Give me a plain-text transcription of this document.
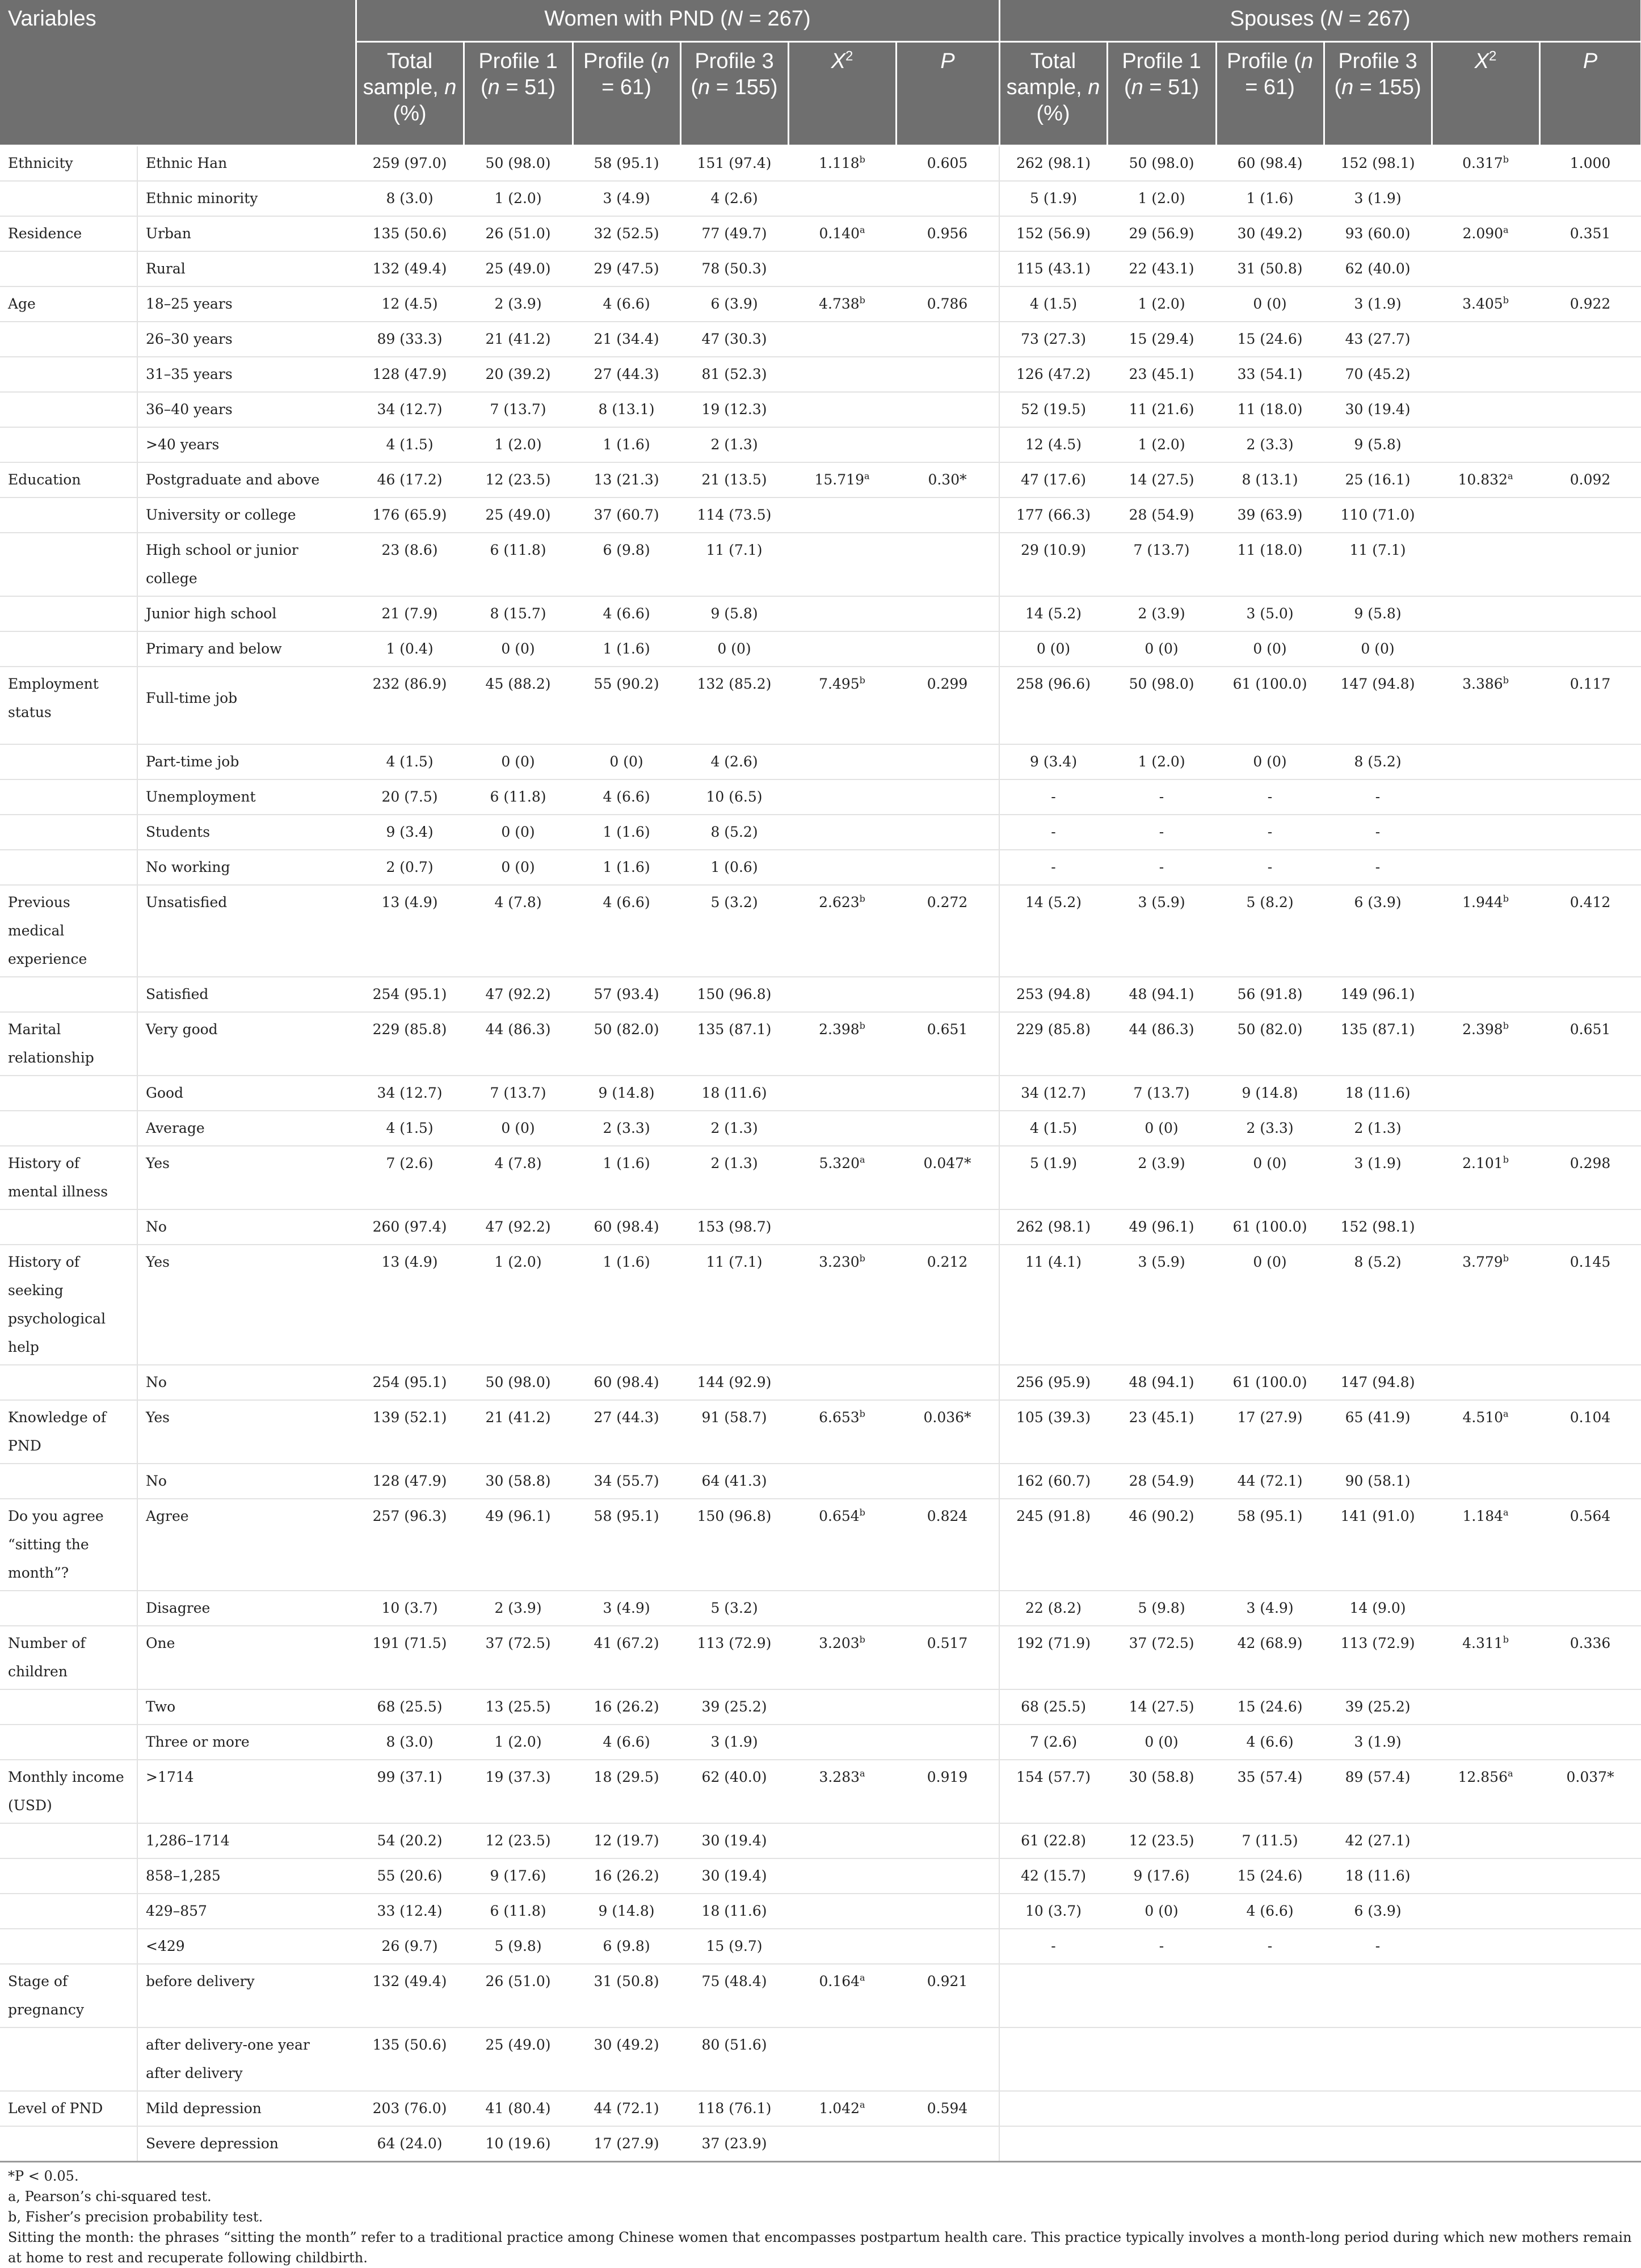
Variables		Women with PND (N = 267)						Spouses (N = 267)					
		Total sample, n (%)	Profile 1 (n = 51)	Profile (n = 61)	Profile 3 (n = 155)	$X^2$	P	Total sample, n (%)	Profile 1 (n = 51)	Profile (n = 61)	Profile 3 (n = 155)	$X^2$	P
Ethnicity	Ethnic Han	259 (97.0)	50 (98.0)	58 (95.1)	151 (97.4)	1.118$^b$	0.605	262 (98.1)	50 (98.0)	60 (98.4)	152 (98.1)	0.317$^b$	1.000
	Ethnic minority	8 (3.0)	1 (2.0)	3 (4.9)	4 (2.6)			5 (1.9)	1 (2.0)	1 (1.6)	3 (1.9)		
Residence	Urban	135 (50.6)	26 (51.0)	32 (52.5)	77 (49.7)	0.140$^a$	0.956	152 (56.9)	29 (56.9)	30 (49.2)	93 (60.0)	2.090$^a$	0.351
	Rural	132 (49.4)	25 (49.0)	29 (47.5)	78 (50.3)			115 (43.1)	22 (43.1)	31 (50.8)	62 (40.0)		
Age	18–25 years	12 (4.5)	2 (3.9)	4 (6.6)	6 (3.9)	4.738$^b$	0.786	4 (1.5)	1 (2.0)	0 (0)	3 (1.9)	3.405$^b$	0.922
	26–30 years	89 (33.3)	21 (41.2)	21 (34.4)	47 (30.3)			73 (27.3)	15 (29.4)	15 (24.6)	43 (27.7)		
	31–35 years	128 (47.9)	20 (39.2)	27 (44.3)	81 (52.3)			126 (47.2)	23 (45.1)	33 (54.1)	70 (45.2)		
	36–40 years	34 (12.7)	7 (13.7)	8 (13.1)	19 (12.3)			52 (19.5)	11 (21.6)	11 (18.0)	30 (19.4)		
	>40 years	4 (1.5)	1 (2.0)	1 (1.6)	2 (1.3)			12 (4.5)	1 (2.0)	2 (3.3)	9 (5.8)		
Education	Postgraduate and above	46 (17.2)	12 (23.5)	13 (21.3)	21 (13.5)	15.719$^a$	0.30*	47 (17.6)	14 (27.5)	8 (13.1)	25 (16.1)	10.832$^a$	0.092
	University or college	176 (65.9)	25 (49.0)	37 (60.7)	114 (73.5)			177 (66.3)	28 (54.9)	39 (63.9)	110 (71.0)		
	High school or junior college	23 (8.6)	6 (11.8)	6 (9.8)	11 (7.1)			29 (10.9)	7 (13.7)	11 (18.0)	11 (7.1)		
	Junior high school	21 (7.9)	8 (15.7)	4 (6.6)	9 (5.8)			14 (5.2)	2 (3.9)	3 (5.0)	9 (5.8)		
	Primary and below	1 (0.4)	0 (0)	1 (1.6)	0 (0)			0 (0)	0 (0)	0 (0)	0 (0)		
Employment status	Full-time job	232 (86.9)	45 (88.2)	55 (90.2)	132 (85.2)	7.495$^b$	0.299	258 (96.6)	50 (98.0)	61 (100.0)	147 (94.8)	3.386$^b$	0.117
	Part-time job	4 (1.5)	0 (0)	0 (0)	4 (2.6)			9 (3.4)	1 (2.0)	0 (0)	8 (5.2)		
	Unemployment	20 (7.5)	6 (11.8)	4 (6.6)	10 (6.5)			-	-	-	-		
	Students	9 (3.4)	0 (0)	1 (1.6)	8 (5.2)			-	-	-	-		
	No working	2 (0.7)	0 (0)	1 (1.6)	1 (0.6)			-	-	-	-		
Previous medical experience	Unsatisfied	13 (4.9)	4 (7.8)	4 (6.6)	5 (3.2)	2.623$^b$	0.272	14 (5.2)	3 (5.9)	5 (8.2)	6 (3.9)	1.944$^b$	0.412
	Satisfied	254 (95.1)	47 (92.2)	57 (93.4)	150 (96.8)			253 (94.8)	48 (94.1)	56 (91.8)	149 (96.1)		
Marital relationship	Very good	229 (85.8)	44 (86.3)	50 (82.0)	135 (87.1)	2.398$^b$	0.651	229 (85.8)	44 (86.3)	50 (82.0)	135 (87.1)	2.398$^b$	0.651
	Good	34 (12.7)	7 (13.7)	9 (14.8)	18 (11.6)			34 (12.7)	7 (13.7)	9 (14.8)	18 (11.6)		
	Average	4 (1.5)	0 (0)	2 (3.3)	2 (1.3)			4 (1.5)	0 (0)	2 (3.3)	2 (1.3)		
History of mental illness	Yes	7 (2.6)	4 (7.8)	1 (1.6)	2 (1.3)	5.320$^a$	0.047*	5 (1.9)	2 (3.9)	0 (0)	3 (1.9)	2.101$^b$	0.298
	No	260 (97.4)	47 (92.2)	60 (98.4)	153 (98.7)			262 (98.1)	49 (96.1)	61 (100.0)	152 (98.1)		
History of seeking psychological help	Yes	13 (4.9)	1 (2.0)	1 (1.6)	11 (7.1)	3.230$^b$	0.212	11 (4.1)	3 (5.9)	0 (0)	8 (5.2)	3.779$^b$	0.145
	No	254 (95.1)	50 (98.0)	60 (98.4)	144 (92.9)			256 (95.9)	48 (94.1)	61 (100.0)	147 (94.8)		
Knowledge of PND	Yes	139 (52.1)	21 (41.2)	27 (44.3)	91 (58.7)	6.653$^b$	0.036*	105 (39.3)	23 (45.1)	17 (27.9)	65 (41.9)	4.510$^a$	0.104
	No	128 (47.9)	30 (58.8)	34 (55.7)	64 (41.3)			162 (60.7)	28 (54.9)	44 (72.1)	90 (58.1)		
Do you agree “sitting the month”?	Agree	257 (96.3)	49 (96.1)	58 (95.1)	150 (96.8)	0.654$^b$	0.824	245 (91.8)	46 (90.2)	58 (95.1)	141 (91.0)	1.184$^a$	0.564
	Disagree	10 (3.7)	2 (3.9)	3 (4.9)	5 (3.2)			22 (8.2)	5 (9.8)	3 (4.9)	14 (9.0)		
Number of children	One	191 (71.5)	37 (72.5)	41 (67.2)	113 (72.9)	3.203$^b$	0.517	192 (71.9)	37 (72.5)	42 (68.9)	113 (72.9)	4.311$^b$	0.336
	Two	68 (25.5)	13 (25.5)	16 (26.2)	39 (25.2)			68 (25.5)	14 (27.5)	15 (24.6)	39 (25.2)		
	Three or more	8 (3.0)	1 (2.0)	4 (6.6)	3 (1.9)			7 (2.6)	0 (0)	4 (6.6)	3 (1.9)		
Monthly income (USD)	>1714	99 (37.1)	19 (37.3)	18 (29.5)	62 (40.0)	3.283$^a$	0.919	154 (57.7)	30 (58.8)	35 (57.4)	89 (57.4)	12.856$^a$	0.037*
	1,286–1714	54 (20.2)	12 (23.5)	12 (19.7)	30 (19.4)			61 (22.8)	12 (23.5)	7 (11.5)	42 (27.1)		
	858–1,285	55 (20.6)	9 (17.6)	16 (26.2)	30 (19.4)			42 (15.7)	9 (17.6)	15 (24.6)	18 (11.6)		
	429–857	33 (12.4)	6 (11.8)	9 (14.8)	18 (11.6)			10 (3.7)	0 (0)	4 (6.6)	6 (3.9)		
	<429	26 (9.7)	5 (9.8)	6 (9.8)	15 (9.7)			-	-	-	-		
Stage of pregnancy	before delivery	132 (49.4)	26 (51.0)	31 (50.8)	75 (48.4)	0.164$^a$	0.921						
	after delivery-one year after delivery	135 (50.6)	25 (49.0)	30 (49.2)	80 (51.6)								
Level of PND	Mild depression	203 (76.0)	41 (80.4)	44 (72.1)	118 (76.1)	1.042$^a$	0.594						
	Severe depression	64 (24.0)	10 (19.6)	17 (27.9)	37 (23.9)								
*P < 0.05.
a, Pearson’s chi-squared test.
b, Fisher’s precision probability test.
Sitting the month: the phrases “sitting the month” refer to a traditional practice among Chinese women that encompasses postpartum health care. This practice typically involves a month-long period during which new mothers remain at home to rest and recuperate following childbirth.
